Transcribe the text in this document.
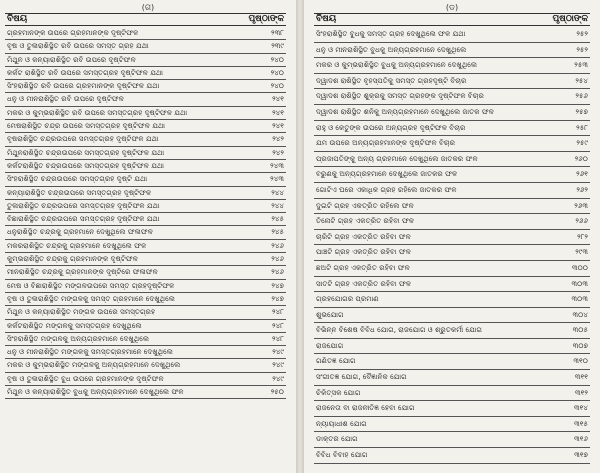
(ଗ)
ବିଷୟ	ପୃଷ୍ଠାଙ୍କ
ଗ୍ରହମାନଙ୍କ ଉପରେ ଗ୍ରହମାନଙ୍କ ଦୃଷ୍ଟିଫଳ	୨୩୮
ବୃଷ ଓ ତୁଳାରାଶିସ୍ଥିତ ରବି ଉପରେ ସମସ୍ତ ଗ୍ରହ ଯଥା	୨୩୯
ମିଥୁନ ଓ କନ୍ୟାରାଶିସ୍ଥିତ ରବି ଉପରେ ଦୃଷ୍ଟିଫଳ	୨୪୦
କର୍କଟ ରାଶିସ୍ଥିତ ରବି ଉପରେ ସମସ୍ତଗ୍ରହ ଦୃଷ୍ଟିଫଳ ଯଥା	୨୪୦
ସିଂହରାଶିସ୍ଥିତ ରବି ଉପରେ ଗ୍ରହମାନଙ୍କ ଦୃଷ୍ଟିଫଳ ଯଥା	୨୪୦
ଧନୁ ଓ ମୀନରାଶିସ୍ଥିତ ରବି ଉପରେ ଦୃଷ୍ଟିଫଳ	୨୪୧
ମକର ଓ କୁମ୍ଭରାଶିସ୍ଥିତ ରବି ଉପରେ ସମସ୍ତଗ୍ରହ ଦୃଷ୍ଟିଫଳ ଯଥା	୨୪୧
ମେଷରାଶିସ୍ଥିତ ଚନ୍ଦ୍ର ଉପରେ ସମସ୍ତଗ୍ରହ ଦୃଷ୍ଟିଫଳ ଯଥା	୨୪୧
ବୃଷରାଶିସ୍ଥିତ ଚନ୍ଦ୍ରଉପରେ ସମସ୍ତଗ୍ରହ ଦୃଷ୍ଟିଫଳ ଯଥା	୨୪୨
ମିଥୁନରାଶିସ୍ଥିତ ଚନ୍ଦ୍ରଉପରେ ସମସ୍ତଗ୍ରହ ଦୃଷ୍ଟିଫଳ ଯଥା	୨୪୨
କର୍କଟରାଶିସ୍ଥିତ ଚନ୍ଦ୍ରଉପରେ ସମସ୍ତଗ୍ରହ ଦୃଷ୍ଟିଫଳ ଯଥା	୨୪୩
ସିଂହରାଶିସ୍ଥିତ ଚନ୍ଦ୍ରଉପରେ ସମସ୍ତଗ୍ରହ ଦୃଷ୍ଟି ଯଥା	୨୪୩
କନ୍ୟାରାଶିସ୍ଥିତ ଚନ୍ଦ୍ରଉପରେ ସମସ୍ତଗ୍ରହ ଦୃଷ୍ଟିଫଳ	୨୪୪
ତୁଳାରାଶିସ୍ଥିତ ଚନ୍ଦ୍ରଉପରେ ସମସ୍ତଗ୍ରହ ଦୃଷ୍ଟିଫଳ ଯଥା	୨୪୪
ବିଛାରାଶିସ୍ଥିତ ଚନ୍ଦ୍ରଉପରେ ସମସ୍ତଗ୍ରହ ଦୃଷ୍ଟିଫଳ ଯଥା	୨୪୫
ଧନୁରାଶିସ୍ଥିତ ଚନ୍ଦ୍ରକୁ ଗ୍ରହମାନେ ଦେଖୁଥିଲେ ଫଳାଫଳ	୨୪୫
ମକରରାଶିସ୍ଥିତ ଚନ୍ଦ୍ରକୁ ଗ୍ରହମାନେ ଦେଖୁଥିଲେ ଫଳ	୨୪୬
କୁମ୍ଭରାଶିସ୍ଥିତ ଚନ୍ଦ୍ରକୁ ଗ୍ରହମାନଙ୍କ ଦୃଷ୍ଟିଫଳ	୨୪୬
ମୀନରାଶିସ୍ଥିତ ଚନ୍ଦ୍ରକୁ ଗ୍ରହମାନଙ୍କ ଦୃଷ୍ଟିରେ ଫଳାଫଳ	୨୪୬
ମେଷ ଓ ବିଛାରାଶିସ୍ଥିତ ମଙ୍ଗଳଉପରେ ସମସ୍ତ ଗ୍ରହଦୃଷ୍ଟିଫଳ	୨୪୭
ବୃଷ ଓ ତୁଳାରାଶିସ୍ଥିତ ମଙ୍ଗଳକୁ ସମସ୍ତ ଗ୍ରହମାନେ ଦେଖୁଥିଲେ	୨୪୭
ମିଥୁନ ଓ କନ୍ୟାରାଶିସ୍ଥିତ ମଙ୍ଗଳ ଉପରେ ସମସ୍ତଗ୍ରହ	୨୪୮
କର୍କଟରାଶିସ୍ଥିତ ମଙ୍ଗଳକୁ ସମସ୍ତଗ୍ରହ ଦେଖୁଥିଲେ	୨୪୮
ସିଂହରାଶିସ୍ଥିତ ମଙ୍ଗଳକୁ ଅନ୍ୟଗ୍ରହମାନେ ଦେଖୁଥିଲେ	୨୪୮
ଧନୁ ଓ ମୀନରାଶିସ୍ଥିତ ମଙ୍ଗଳକୁ ସମସ୍ତଗ୍ରହମାନେ ଦେଖୁଥିଲେ	୨୪୯
ମକର ଓ କୁମ୍ଭରାଶିସ୍ଥିତ ମଙ୍ଗଳକୁ ଅନ୍ୟଗ୍ରହମାନେ ଦେଖୁଥିଲେ	୨୪୯
ବୃଷ ଓ ତୁଳାରାଶିସ୍ଥିତ ବୁଧ ଉପରେ ଗ୍ରହମାନଙ୍କ ଦୃଷ୍ଟିଫଳ	୨୪୯
ମିଥୁନ ଓ କନ୍ୟାରାଶିସ୍ଥିତ ବୁଧକୁ ଅନ୍ୟଗ୍ରହମାନେ ଦେଖୁଥିଲେ ଫଳ	୨୫୦
(ଡ)
ବିଷୟ	ପୃଷ୍ଠାଙ୍କ
ସିଂହରାଶିସ୍ଥିତ ବୁଧକୁ ସମସ୍ତ ଗ୍ରହ ଦେଖୁଥିଲେ ଫଳ ଯଥା	୨୫୨
ଧନୁ ଓ ମୀନରାଶିସ୍ଥିତ ବୁଧକୁ ଅନ୍ୟଗ୍ରହମାନେ ଦେଖୁଥିଲେ	୨୫୨
ମକର ଓ କୁମ୍ଭରାଶିସ୍ଥିତ ବୁଧକୁ ଅନ୍ୟଗ୍ରହମାନେ ଦେଖୁଥିଲେ	୨୫୩
ଦ୍ୱାଦଶ ରାଶିସ୍ଥିତ ବୃହସ୍ପତିକୁ ସମସ୍ତ ଗ୍ରହଦୃଷ୍ଟି ବିଚାର	୨୫୪
ଦ୍ୱାଦଶ ରାଶିସ୍ଥିତ ଶୁକ୍ରକୁ ସମସ୍ତ ଗ୍ରହଙ୍କ ଦୃଷ୍ଟିଫଳ ବିଚାର	୨୫୬
ଦ୍ୱାଦଶ ରାଶିସ୍ଥିତ ଶନିକୁ ଅନ୍ୟଗ୍ରହମାନେ ଦେଖୁଥିଲେ ଜାତକ ଫଳ	୨୫୭
ରାହୁ ଓ କେତୁଙ୍କ ଉପରେ ଅନ୍ୟଗ୍ରହ ଦୃଷ୍ଟିଫଳ ବିଚାର	୨୫୮
ଯମ ଉପରେ ଅନ୍ୟଗ୍ରହମାନଙ୍କ ଦୃଷ୍ଟିଫଳ ବିଚାର	୨୫୯
ପ୍ରଜାପତିଙ୍କୁ ଅନ୍ୟ ଗ୍ରହମାନେ ଦେଖୁଥିଲେ ଜାତକର ଫଳ	୨୬୦
ବରୁଣକୁ ଅନ୍ୟଗ୍ରହମାନେ ଦେଖୁଥିଲେ ଜାତକର ଫଳ	୨୬୧
ଗୋଟିଏ ଘରେ ଏକାଧିକ ଗ୍ରହ ରହିଲେ ଜାତକର ଫଳ	୨୬୨
ଦୁଇଟି ଗ୍ରହ ଏକତ୍ରିତ ରହିଲେ ଫଳ	୨୬୩
ତିନୋଟି ଗ୍ରହ ଏକତ୍ରିତ ରହିବା ଫଳ	୨୬୬
ଚାରିଟି ଗ୍ରହ ଏକତ୍ରିତ ରହିବା ଫଳ	୨୮୨
ପାଞ୍ଚଟି ଗ୍ରହ ଏକତ୍ରିତ ରହିବା ଫଳ	୨୯୩
ଛଅଟି ଗ୍ରହ ଏକତ୍ରିତ ରହିବା ଫଳ	୩୦୦
ସାତଟି ଗ୍ରହ ଏକତ୍ରିତ ରହିବା ଫଳ	୩୦୩
ଗ୍ରହଯୋଗର ପ୍ରମାଣ	୩୦୩
ଶୁଭଯୋଗ	୩୦୪
ବିଭିନ୍ନ ବିଶେଷ ବିବିଧ ଯୋଗ, ରାଜଯୋଗ ଓ ଶ୍ରୁତକର୍ମୀ ଯୋଗ	୩୦୫
ରାଜଯୋଗ	୩୦୭
ଗଣିତଜ୍ଞ ଯୋଗ	୩୧୦
ସଂଗୀତଜ୍ଞ ଯୋଗ, ବୈଜ୍ଞାନିକ ଯୋଗ	୩୧୧
ଚିକିତ୍ସକ ଯୋଗ	୩୧୨
ରାଜନେତା ବା ରାଜନୀତିଜ୍ଞ ହେବା ଯୋଗ	୩୧୪
ନ୍ୟାୟାଧୀଶ ଯୋଗ	୩୧୫
ଡାକ୍ତର ଯୋଗ	୩୧୬
ବିବିଧ ବିବାହ ଯୋଗ	୩୧୭
